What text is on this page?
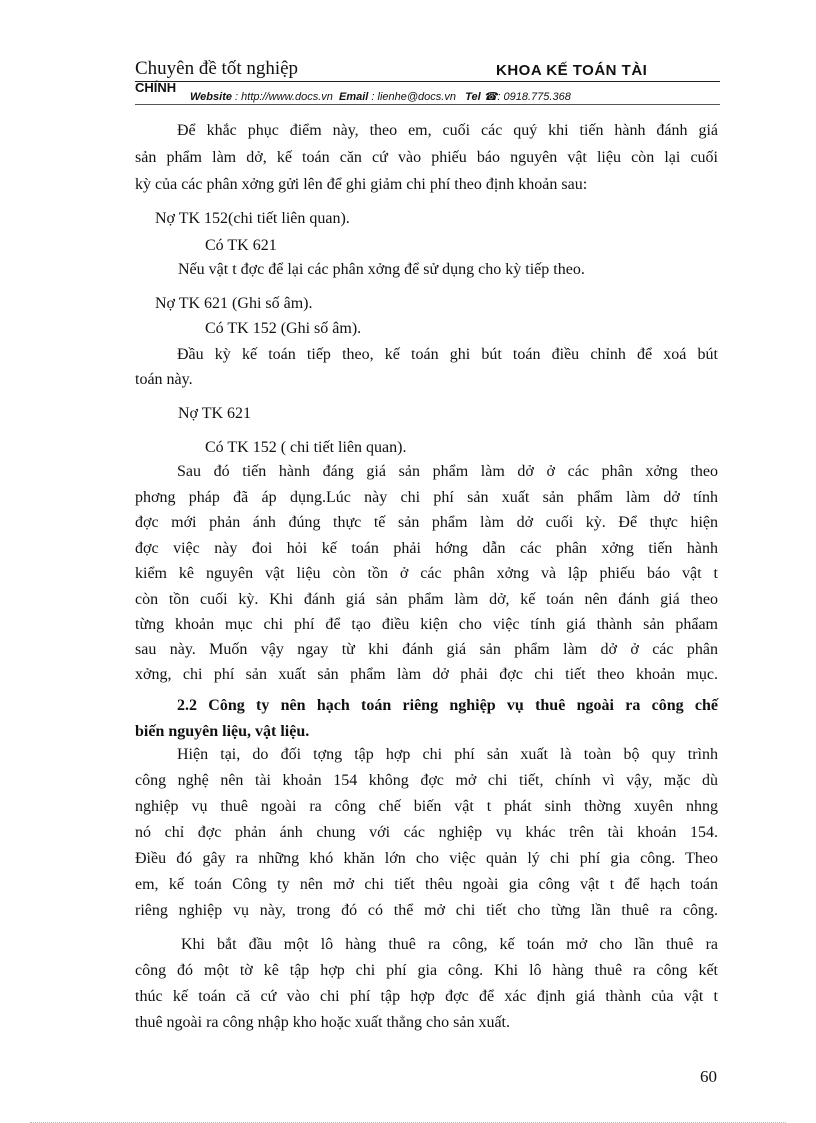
Chuyên đề tốt nghiệp	KHOA KẾ TOÁN TÀI
CHÍNH
Website : http://www.docs.vn Email : lienhe@docs.vn Tel ☎: 0918.775.368
Để khắc phục điểm này, theo em, cuối các quý khi tiến hành đánh giá
sản phẩm làm dở, kế toán căn cứ vào phiếu báo nguyên vật liệu còn lại cuối
kỳ của các phân xởng gửi lên để ghi giảm chi phí theo định khoản sau:
Nợ TK 152(chi tiết liên quan).
Có TK 621
Nếu vật t đợc để lại các phân xởng để sử dụng cho kỳ tiếp theo.
Nợ TK 621 (Ghi số âm).
Có TK 152 (Ghi số âm).
Đầu kỳ kế toán tiếp theo, kế toán ghi bút toán điều chỉnh để xoá bút
toán này.
Nợ TK 621
Có TK 152 ( chi tiết liên quan).
Sau đó tiến hành đáng giá sản phẩm làm dở ở các phân xởng theo
phơng pháp đã áp dụng.Lúc này chi phí sản xuất sản phẩm làm dở tính
đợc mới phản ánh đúng thực tế sản phẩm làm dở cuối kỳ. Để thực hiện
đợc việc này đoi hỏi kế toán phải hớng dẫn các phân xởng tiến hành
kiểm kê nguyên vật liệu còn tồn ở các phân xởng và lập phiếu báo vật t
còn tồn cuối kỳ. Khi đánh giá sản phẩm làm dở, kế toán nên đánh giá theo
từng khoản mục chi phí để tạo điều kiện cho việc tính giá thành sản phẩam
sau này. Muốn vậy ngay từ khi đánh giá sản phẩm làm dở ở các phân
xởng, chi phí sản xuất sản phẩm làm dở phải đợc chi tiết theo khoản mục.
2.2 Công ty nên hạch toán riêng nghiệp vụ thuê ngoài ra công chế
biến nguyên liệu, vật liệu.
Hiện tại, do đối tợng tập hợp chi phí sản xuất là toàn bộ quy trình
công nghệ nên tài khoản 154 không đợc mở chi tiết, chính vì vậy, mặc dù
nghiệp vụ thuê ngoài ra công chế biến vật t phát sinh thờng xuyên nhng
nó chỉ đợc phản ánh chung với các nghiệp vụ khác trên tài khoản 154.
Điều đó gây ra những khó khăn lớn cho việc quản lý chi phí gia công. Theo
em, kế toán Công ty nên mở chi tiết thêu ngoài gia công vật t để hạch toán
riêng nghiệp vụ này, trong đó có thể mở chi tiết cho từng lần thuê ra công.
Khi bắt đầu một lô hàng thuê ra công, kế toán mở cho lần thuê ra
công đó một tờ kê tập hợp chi phí gia công. Khi lô hàng thuê ra công kết
thúc kế toán că cứ vào chi phí tập hợp đợc để xác định giá thành của vật t
thuê ngoài ra công nhập kho hoặc xuất thẳng cho sản xuất.
60
